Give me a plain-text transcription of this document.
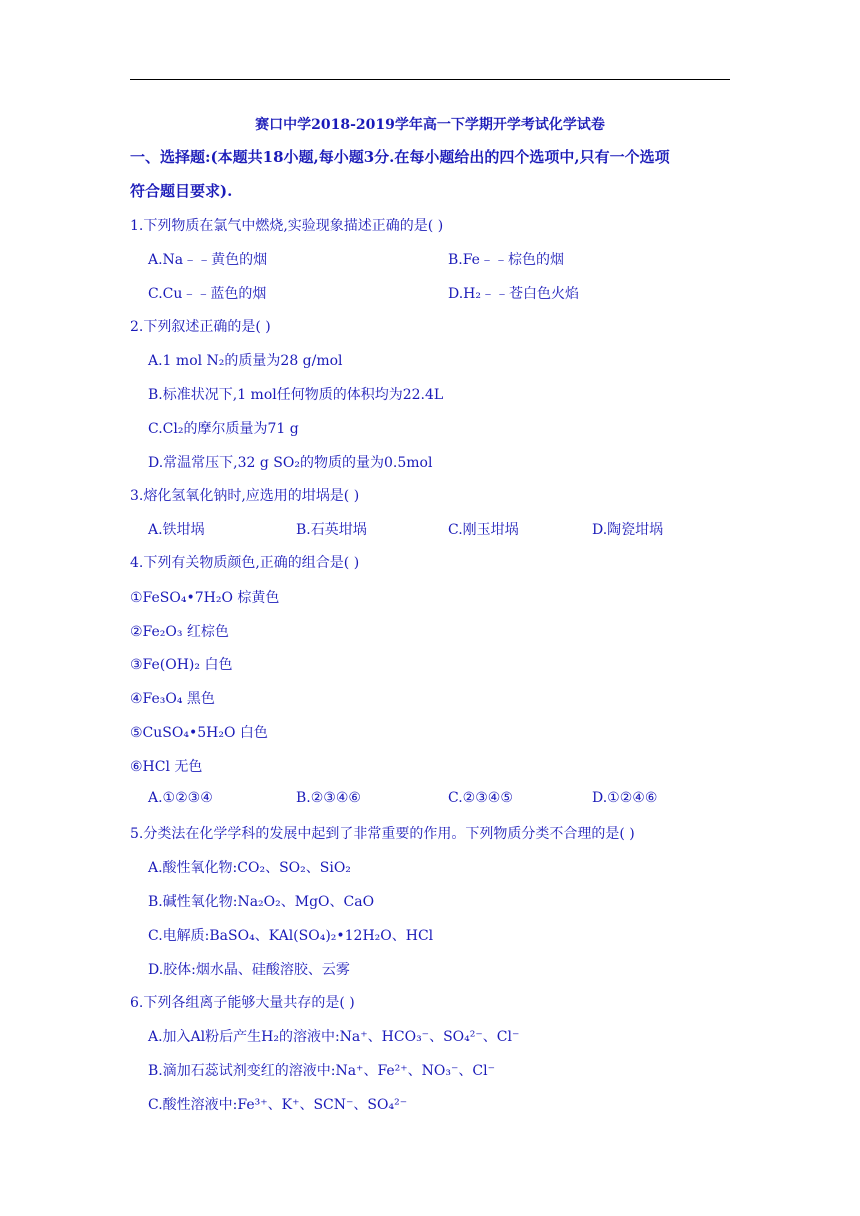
赛口中学2018-2019学年高一下学期开学考试化学试卷
一、选择题:(本题共18小题,每小题3分.在每小题给出的四个选项中,只有一个选项
符合题目要求).
1.下列物质在氯气中燃烧,实验现象描述正确的是( )
A.Na﹣﹣黄色的烟	B.Fe﹣﹣棕色的烟
C.Cu﹣﹣蓝色的烟	D.H₂﹣﹣苍白色火焰
2.下列叙述正确的是( )
A.1 mol N₂的质量为28 g/mol
B.标准状况下,1 mol任何物质的体积均为22.4L
C.Cl₂的摩尔质量为71 g
D.常温常压下,32 g SO₂的物质的量为0.5mol
3.熔化氢氧化钠时,应选用的坩埚是( )
A.铁坩埚	B.石英坩埚	C.刚玉坩埚	D.陶瓷坩埚
4.下列有关物质颜色,正确的组合是( )
①FeSO₄•7H₂O 棕黄色
②Fe₂O₃ 红棕色
③Fe(OH)₂ 白色
④Fe₃O₄ 黑色
⑤CuSO₄•5H₂O 白色
⑥HCl 无色
A.①②③④	B.②③④⑥	C.②③④⑤	D.①②④⑥
5.分类法在化学学科的发展中起到了非常重要的作用。下列物质分类不合理的是( )
A.酸性氧化物:CO₂、SO₂、SiO₂
B.碱性氧化物:Na₂O₂、MgO、CaO
C.电解质:BaSO₄、KAl(SO₄)₂•12H₂O、HCl
D.胶体:烟水晶、硅酸溶胶、云雾
6.下列各组离子能够大量共存的是( )
A.加入Al粉后产生H₂的溶液中:Na⁺、HCO₃⁻、SO₄²⁻、Cl⁻
B.滴加石蕊试剂变红的溶液中:Na⁺、Fe²⁺、NO₃⁻、Cl⁻
C.酸性溶液中:Fe³⁺、K⁺、SCN⁻、SO₄²⁻
